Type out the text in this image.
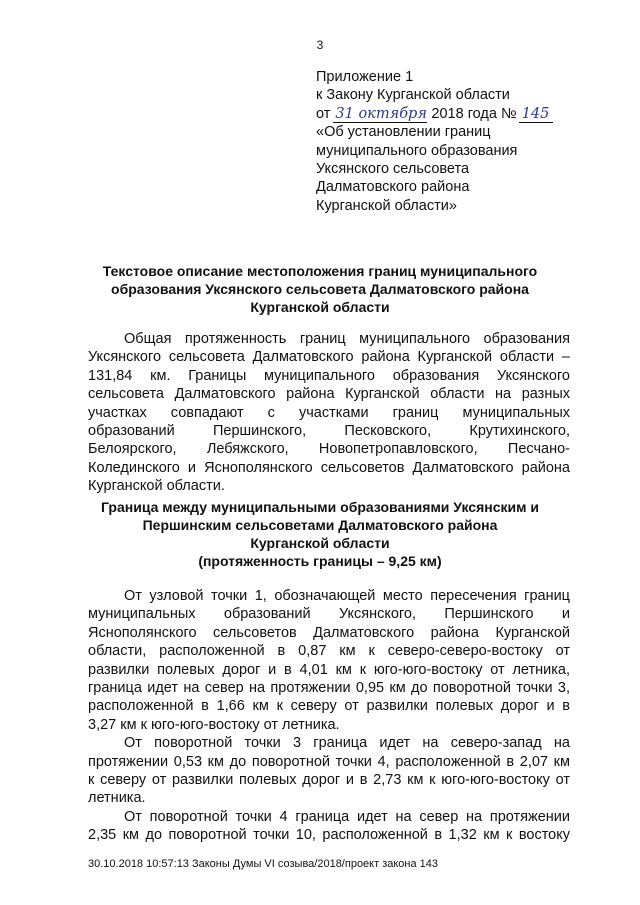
3
Приложение 1
к Закону Курганской области
от 31 октября 2018 года № 145
«Об установлении границ
муниципального образования
Уксянского сельсовета
Далматовского района
Курганской области»
Текстовое описание местоположения границ муниципального
образования Уксянского сельсовета Далматовского района
Курганской области
Общая протяженность границ муниципального образования
Уксянского сельсовета Далматовского района Курганской области –
131,84 км. Границы муниципального образования Уксянского
сельсовета Далматовского района Курганской области на разных
участках совпадают с участками границ муниципальных
образований Першинского, Песковского, Крутихинского,
Белоярского, Лебяжского, Новопетропавловского, Песчано-
Колединского и Яснополянского сельсоветов Далматовского района
Курганской области.
Граница между муниципальными образованиями Уксянским и
Першинским сельсоветами Далматовского района
Курганской области
(протяженность границы – 9,25 км)
От узловой точки 1, обозначающей место пересечения границ
муниципальных образований Уксянского, Першинского и
Яснополянского сельсоветов Далматовского района Курганской
области, расположенной в 0,87 км к северо-северо-востоку от
развилки полевых дорог и в 4,01 км к юго-юго-востоку от летника,
граница идет на север на протяжении 0,95 км до поворотной точки 3,
расположенной в 1,66 км к северу от развилки полевых дорог и в
3,27 км к юго-юго-востоку от летника.
От поворотной точки 3 граница идет на северо-запад на
протяжении 0,53 км до поворотной точки 4, расположенной в 2,07 км
к северу от развилки полевых дорог и в 2,73 км к юго-юго-востоку от
летника.
От поворотной точки 4 граница идет на север на протяжении
2,35 км до поворотной точки 10, расположенной в 1,32 км к востоку
30.10.2018 10:57:13 Законы Думы VI созыва/2018/проект закона 143
